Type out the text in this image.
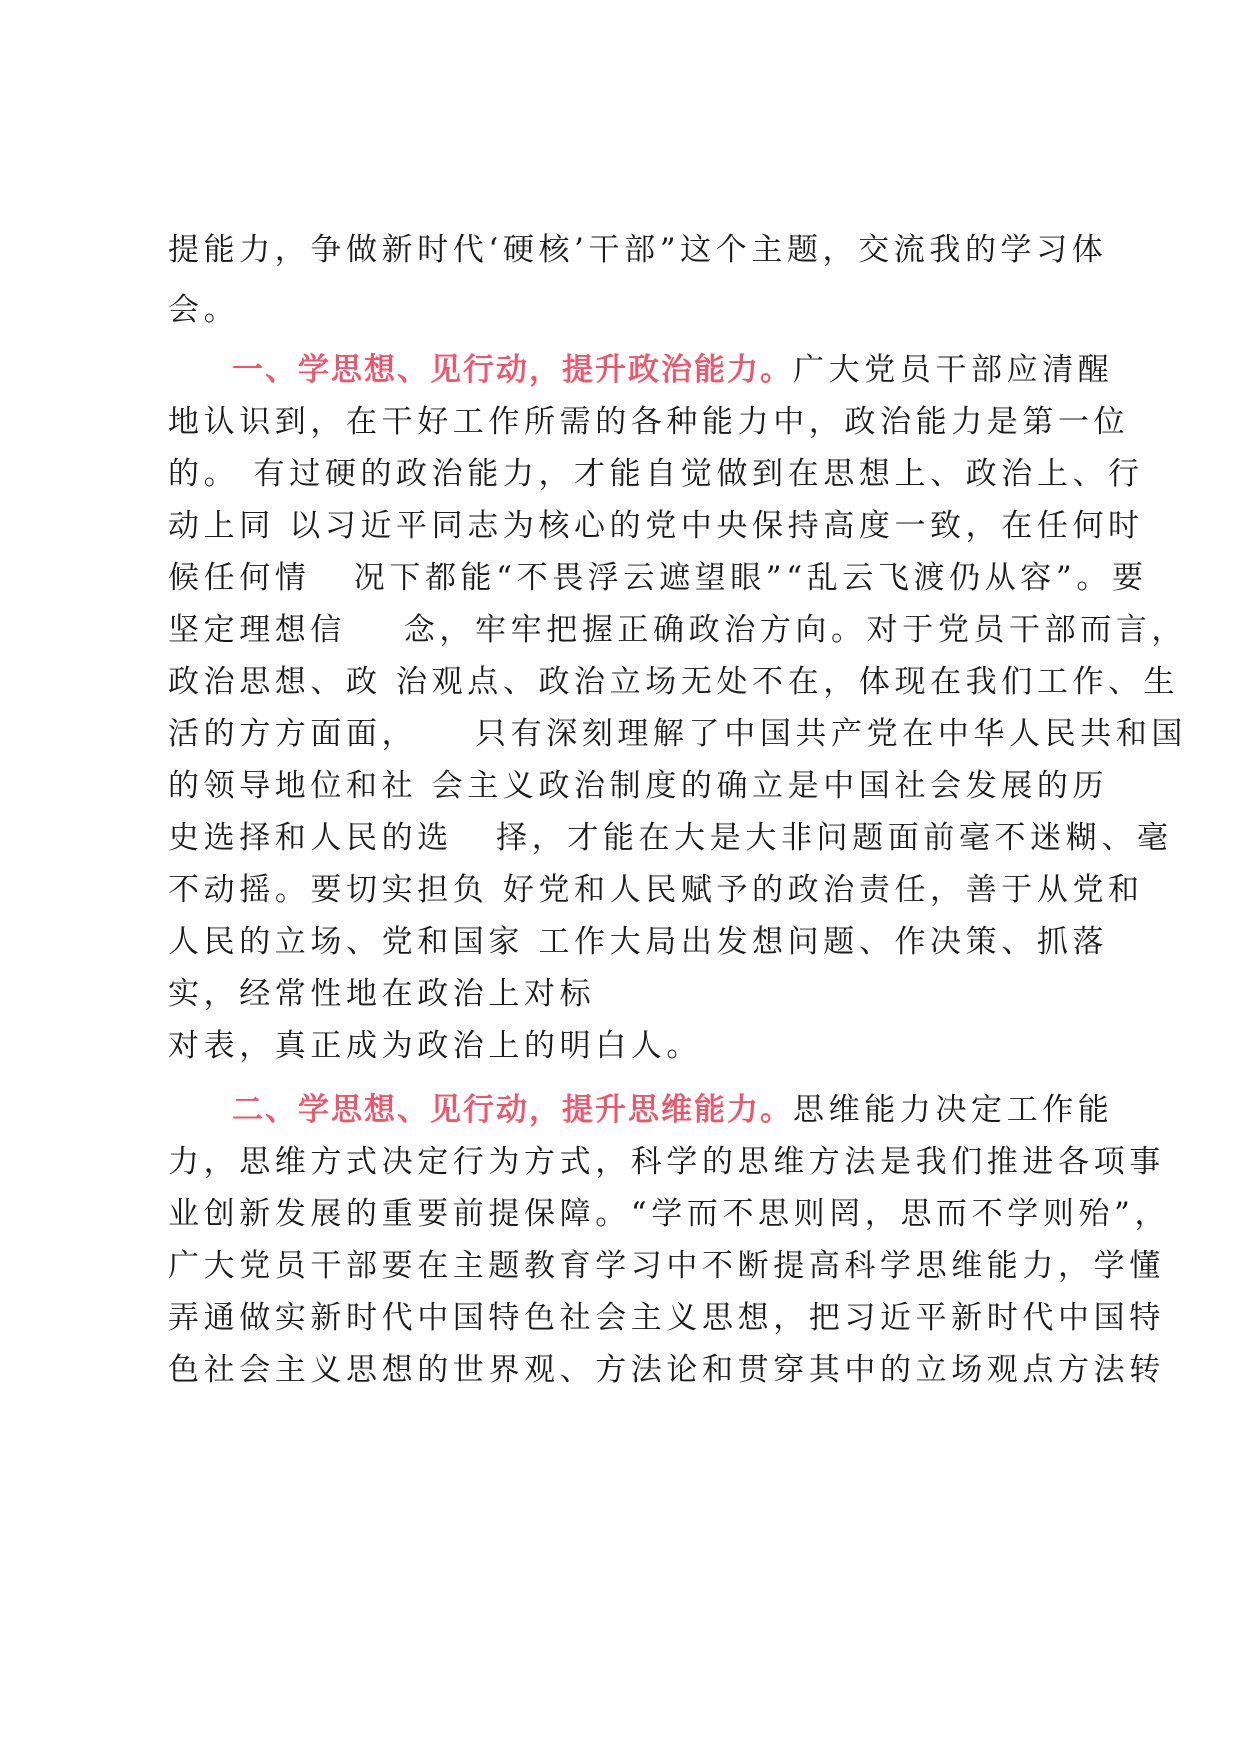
提能力，争做新时代‘硬核’干部”这个主题，交流我的学习体
会。
一、学思想、见行动，提升政治能力。广大党员干部应清醒
地认识到，在干好工作所需的各种能力中，政治能力是第一位
的。 有过硬的政治能力，才能自觉做到在思想上、政治上、行
动上同 以习近平同志为核心的党中央保持高度一致，在任何时
候任何情   况下都能“不畏浮云遮望眼”“乱云飞渡仍从容”。要
坚定理想信    念，牢牢把握正确政治方向。对于党员干部而言，
政治思想、政 治观点、政治立场无处不在，体现在我们工作、生
活的方方面面，    只有深刻理解了中国共产党在中华人民共和国
的领导地位和社 会主义政治制度的确立是中国社会发展的历
史选择和人民的选   择，才能在大是大非问题面前毫不迷糊、毫
不动摇。要切实担负 好党和人民赋予的政治责任，善于从党和
人民的立场、党和国家 工作大局出发想问题、作决策、抓落
实，经常性地在政治上对标
对表，真正成为政治上的明白人。
二、学思想、见行动，提升思维能力。思维能力决定工作能
力，思维方式决定行为方式，科学的思维方法是我们推进各项事
业创新发展的重要前提保障。“学而不思则罔，思而不学则殆”，
广大党员干部要在主题教育学习中不断提高科学思维能力，学懂
弄通做实新时代中国特色社会主义思想，把习近平新时代中国特
色社会主义思想的世界观、方法论和贯穿其中的立场观点方法转
